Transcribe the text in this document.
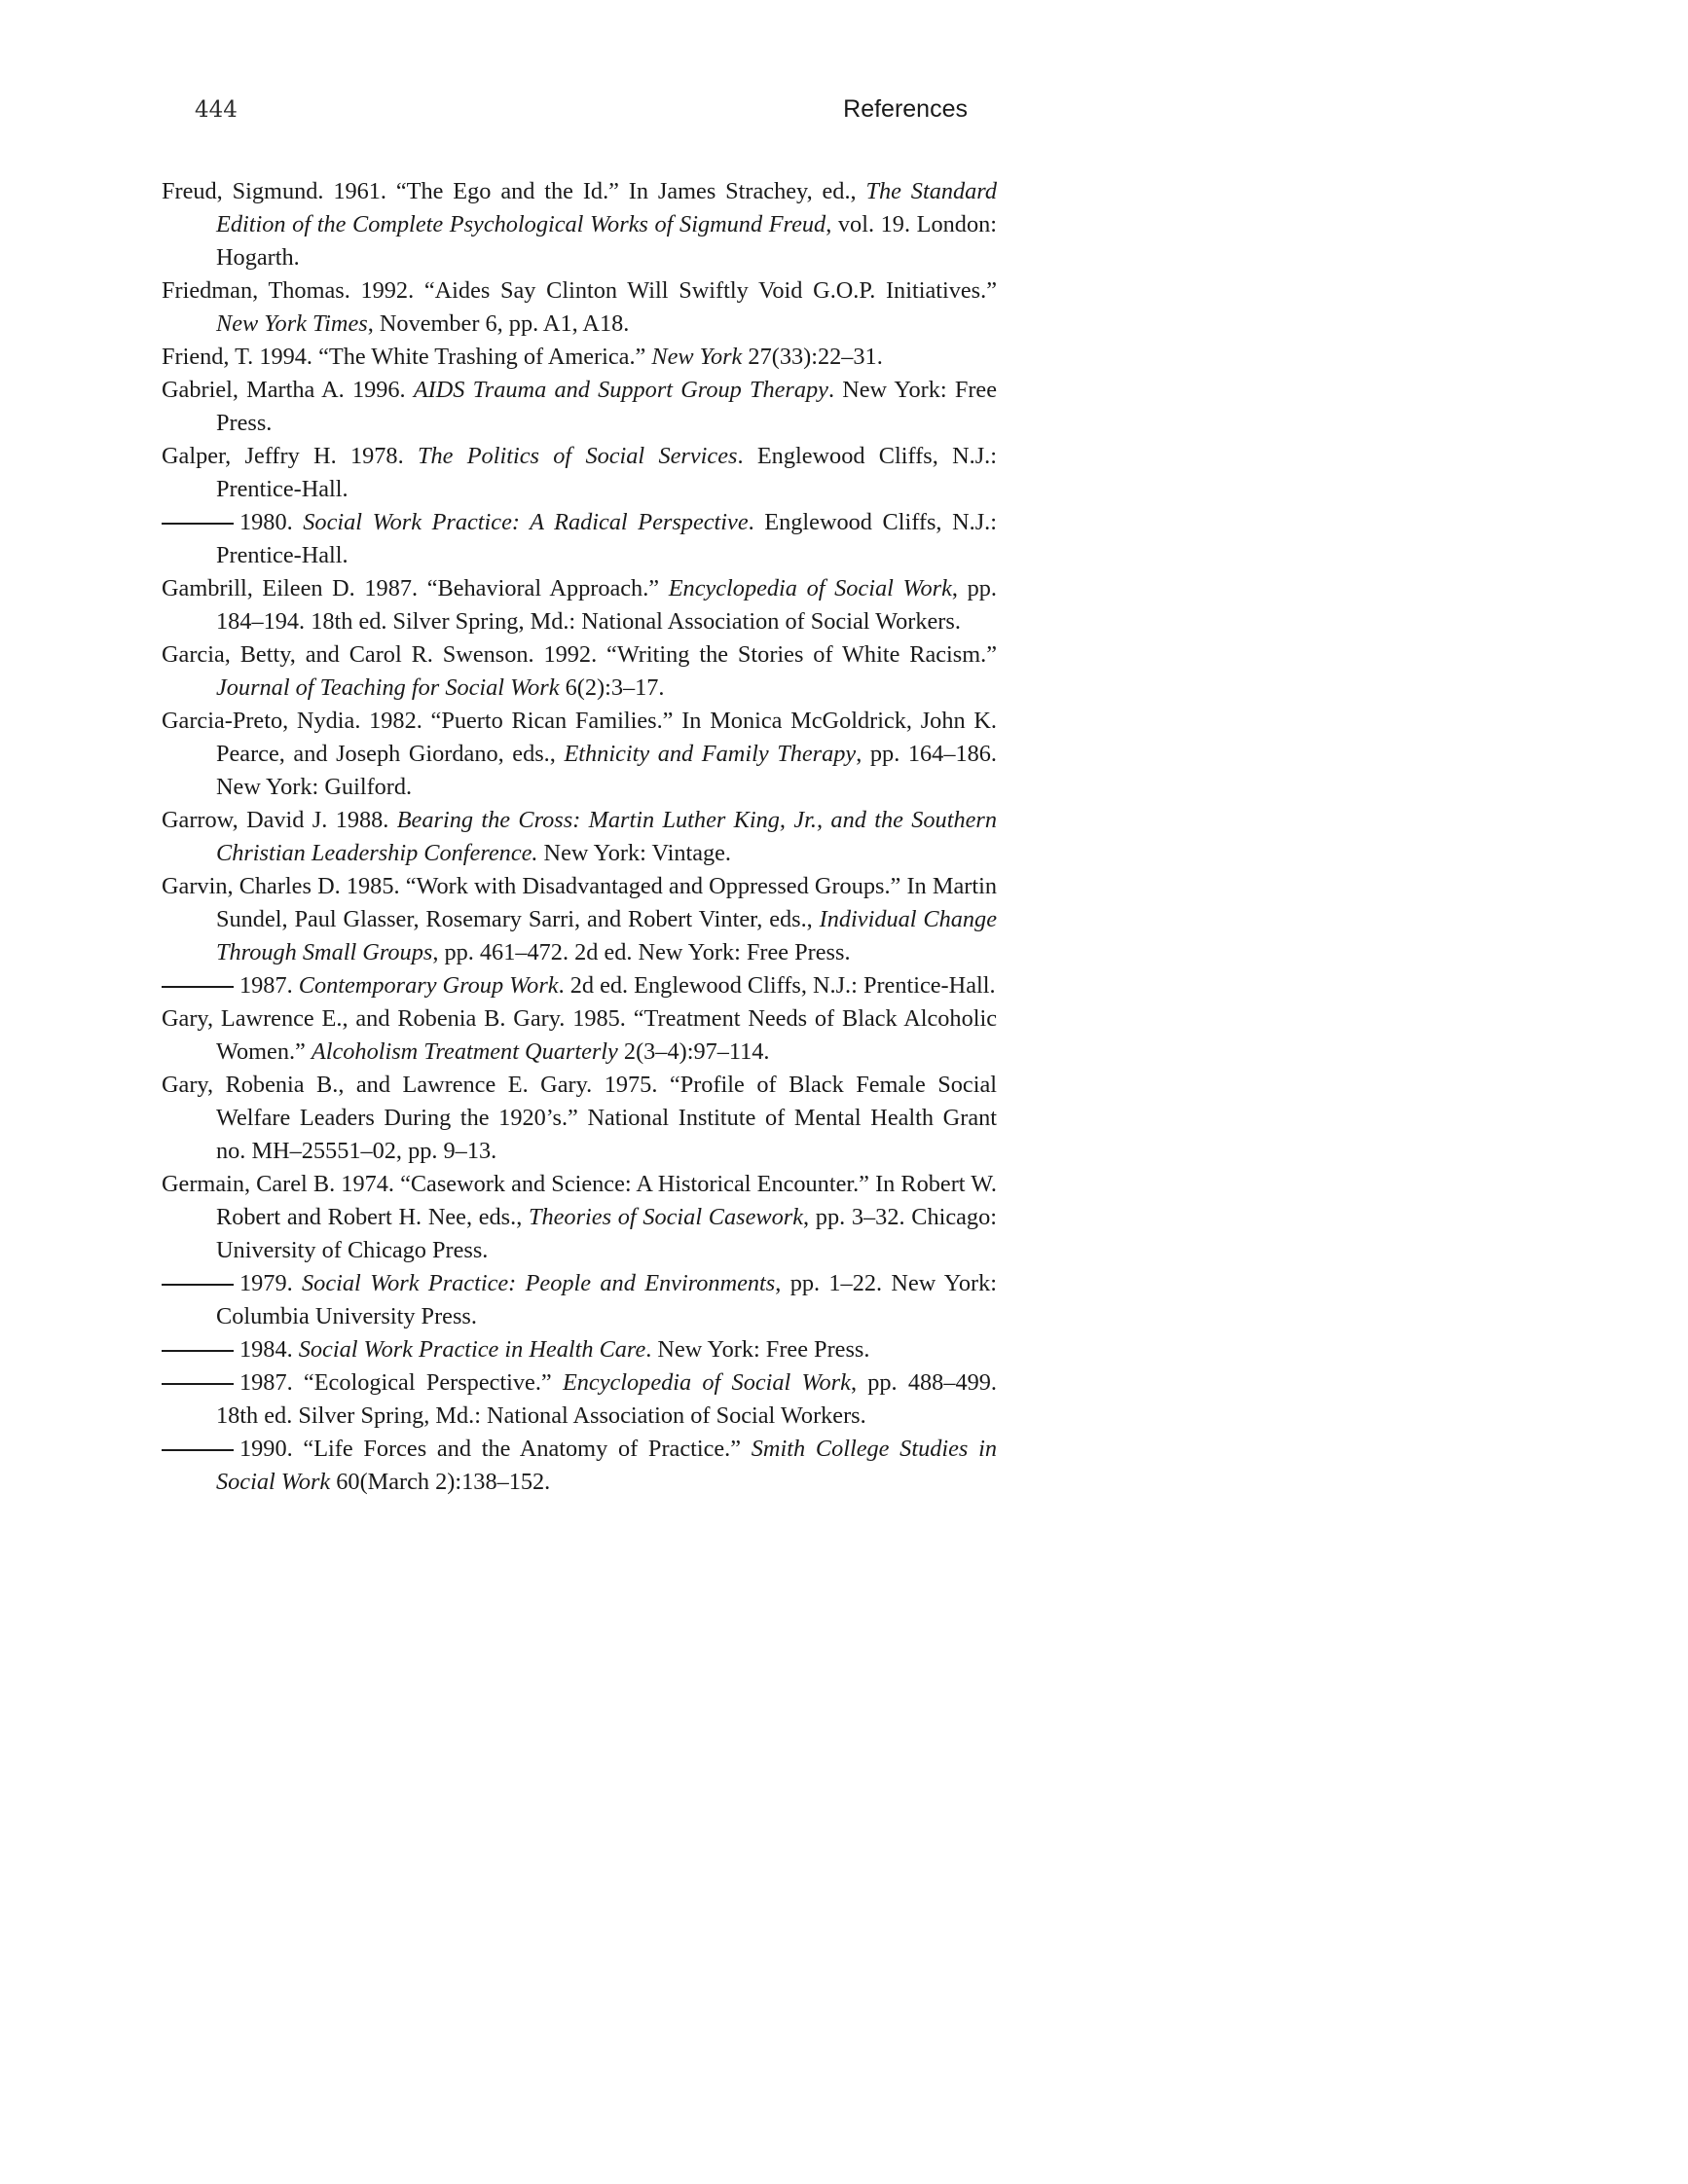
444	References
Freud, Sigmund. 1961. “The Ego and the Id.” In James Strachey, ed., The Standard Edition of the Complete Psychological Works of Sigmund Freud, vol. 19. London: Hogarth.
Friedman, Thomas. 1992. “Aides Say Clinton Will Swiftly Void G.O.P. Initiatives.” New York Times, November 6, pp. A1, A18.
Friend, T. 1994. “The White Trashing of America.” New York 27(33):22–31.
Gabriel, Martha A. 1996. AIDS Trauma and Support Group Therapy. New York: Free Press.
Galper, Jeffry H. 1978. The Politics of Social Services. Englewood Cliffs, N.J.: Prentice-Hall.
1980. Social Work Practice: A Radical Perspective. Englewood Cliffs, N.J.: Prentice-Hall.
Gambrill, Eileen D. 1987. “Behavioral Approach.” Encyclopedia of Social Work, pp. 184–194. 18th ed. Silver Spring, Md.: National Association of Social Workers.
Garcia, Betty, and Carol R. Swenson. 1992. “Writing the Stories of White Racism.” Journal of Teaching for Social Work 6(2):3–17.
Garcia-Preto, Nydia. 1982. “Puerto Rican Families.” In Monica McGoldrick, John K. Pearce, and Joseph Giordano, eds., Ethnicity and Family Therapy, pp. 164–186. New York: Guilford.
Garrow, David J. 1988. Bearing the Cross: Martin Luther King, Jr., and the Southern Christian Leadership Conference. New York: Vintage.
Garvin, Charles D. 1985. “Work with Disadvantaged and Oppressed Groups.” In Martin Sundel, Paul Glasser, Rosemary Sarri, and Robert Vinter, eds., Individual Change Through Small Groups, pp. 461–472. 2d ed. New York: Free Press.
1987. Contemporary Group Work. 2d ed. Englewood Cliffs, N.J.: Prentice-Hall.
Gary, Lawrence E., and Robenia B. Gary. 1985. “Treatment Needs of Black Alcoholic Women.” Alcoholism Treatment Quarterly 2(3–4):97–114.
Gary, Robenia B., and Lawrence E. Gary. 1975. “Profile of Black Female Social Welfare Leaders During the 1920’s.” National Institute of Mental Health Grant no. MH–25551–02, pp. 9–13.
Germain, Carel B. 1974. “Casework and Science: A Historical Encounter.” In Robert W. Robert and Robert H. Nee, eds., Theories of Social Casework, pp. 3–32. Chicago: University of Chicago Press.
1979. Social Work Practice: People and Environments, pp. 1–22. New York: Columbia University Press.
1984. Social Work Practice in Health Care. New York: Free Press.
1987. “Ecological Perspective.” Encyclopedia of Social Work, pp. 488–499. 18th ed. Silver Spring, Md.: National Association of Social Workers.
1990. “Life Forces and the Anatomy of Practice.” Smith College Studies in Social Work 60(March 2):138–152.
